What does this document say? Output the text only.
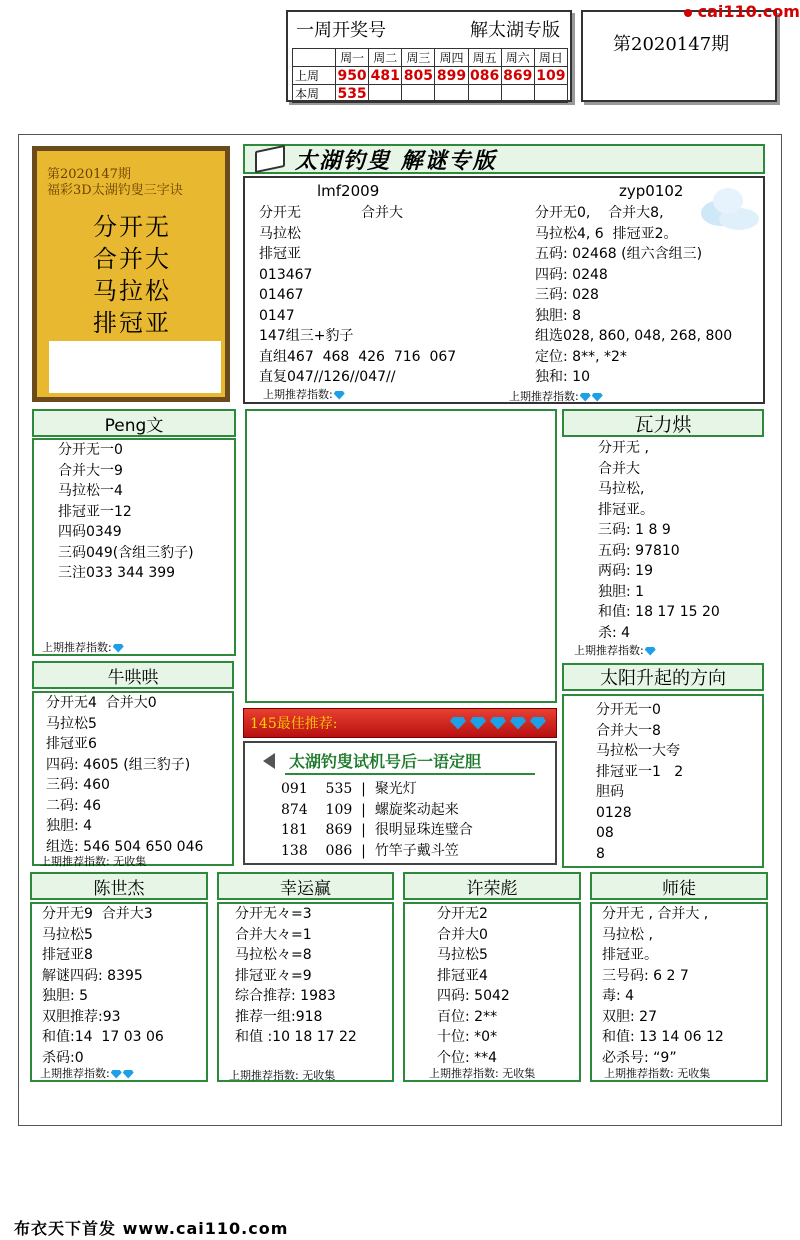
一周开奖号	解太湖专版
	周一	周二	周三	周四	周五	周六	周日
上周	950	481	805	899	086	869	109
本周	535						
第2020147期
cai110.com
第2020147期
福彩3D太湖钓叟三字诀
分开无
合并大
马拉松
排冠亚
太湖钓叟 解谜专版
lmf2009
分开无	合并大
马拉松
排冠亚
013467
01467
0147
147组三+豹子
直组467  468  426  716  067
直复047//126//047//
上期推荐指数:
zyp0102
分开无0,    合并大8,
马拉松4, 6  排冠亚2。
五码: 02468 (组六含组三)
四码: 0248
三码: 028
独胆: 8
组选028, 860, 048, 268, 800
定位: 8**, *2*
独和: 10
上期推荐指数:
Peng文
分开无一0
合并大一9
马拉松一4
排冠亚一12
四码0349
三码049(含组三豹子)
三注033 344 399
上期推荐指数:
瓦力烘
分开无 ,
合并大
马拉松,
排冠亚。
三码: 1 8 9
五码: 97810
两码: 19
独胆: 1
和值: 18 17 15 20
杀: 4
上期推荐指数:
牛哄哄
分开无4  合并大0
马拉松5
排冠亚6
四码: 4605 (组三豹子)
三码: 460
二码: 46
独胆: 4
组选: 546 504 650 046
上期推荐指数: 无收集
145最佳推荐:
太湖钓叟试机号后一语定胆
091 535  |  聚光灯
874 109  |  螺旋桨动起来
181 869  |  很明显珠连璧合
138 086  |  竹竿子戴斗笠
太阳升起的方向
分开无一0
合并大一8
马拉松一大夸
排冠亚一1   2
胆码
0128
08
8
陈世杰
分开无9  合并大3
马拉松5
排冠亚8
解谜四码: 8395
独胆: 5
双胆推荐:93
和值:14  17 03 06
杀码:0
上期推荐指数:
幸运赢
分开无々=3
合并大々=1
马拉松々=8
排冠亚々=9
综合推荐: 1983
推荐一组:918
和值 :10 18 17 22
上期推荐指数: 无收集
许荣彪
分开无2
合并大0
马拉松5
排冠亚4
四码: 5042
百位: 2**
十位: *0*
个位: **4
上期推荐指数: 无收集
师徒
分开无 , 合并大 ,
马拉松 ,
排冠亚。
三号码: 6 2 7
毒: 4
双胆: 27
和值: 13 14 06 12
必杀号: “9”
上期推荐指数: 无收集
布衣天下首发 www.cai110.com
